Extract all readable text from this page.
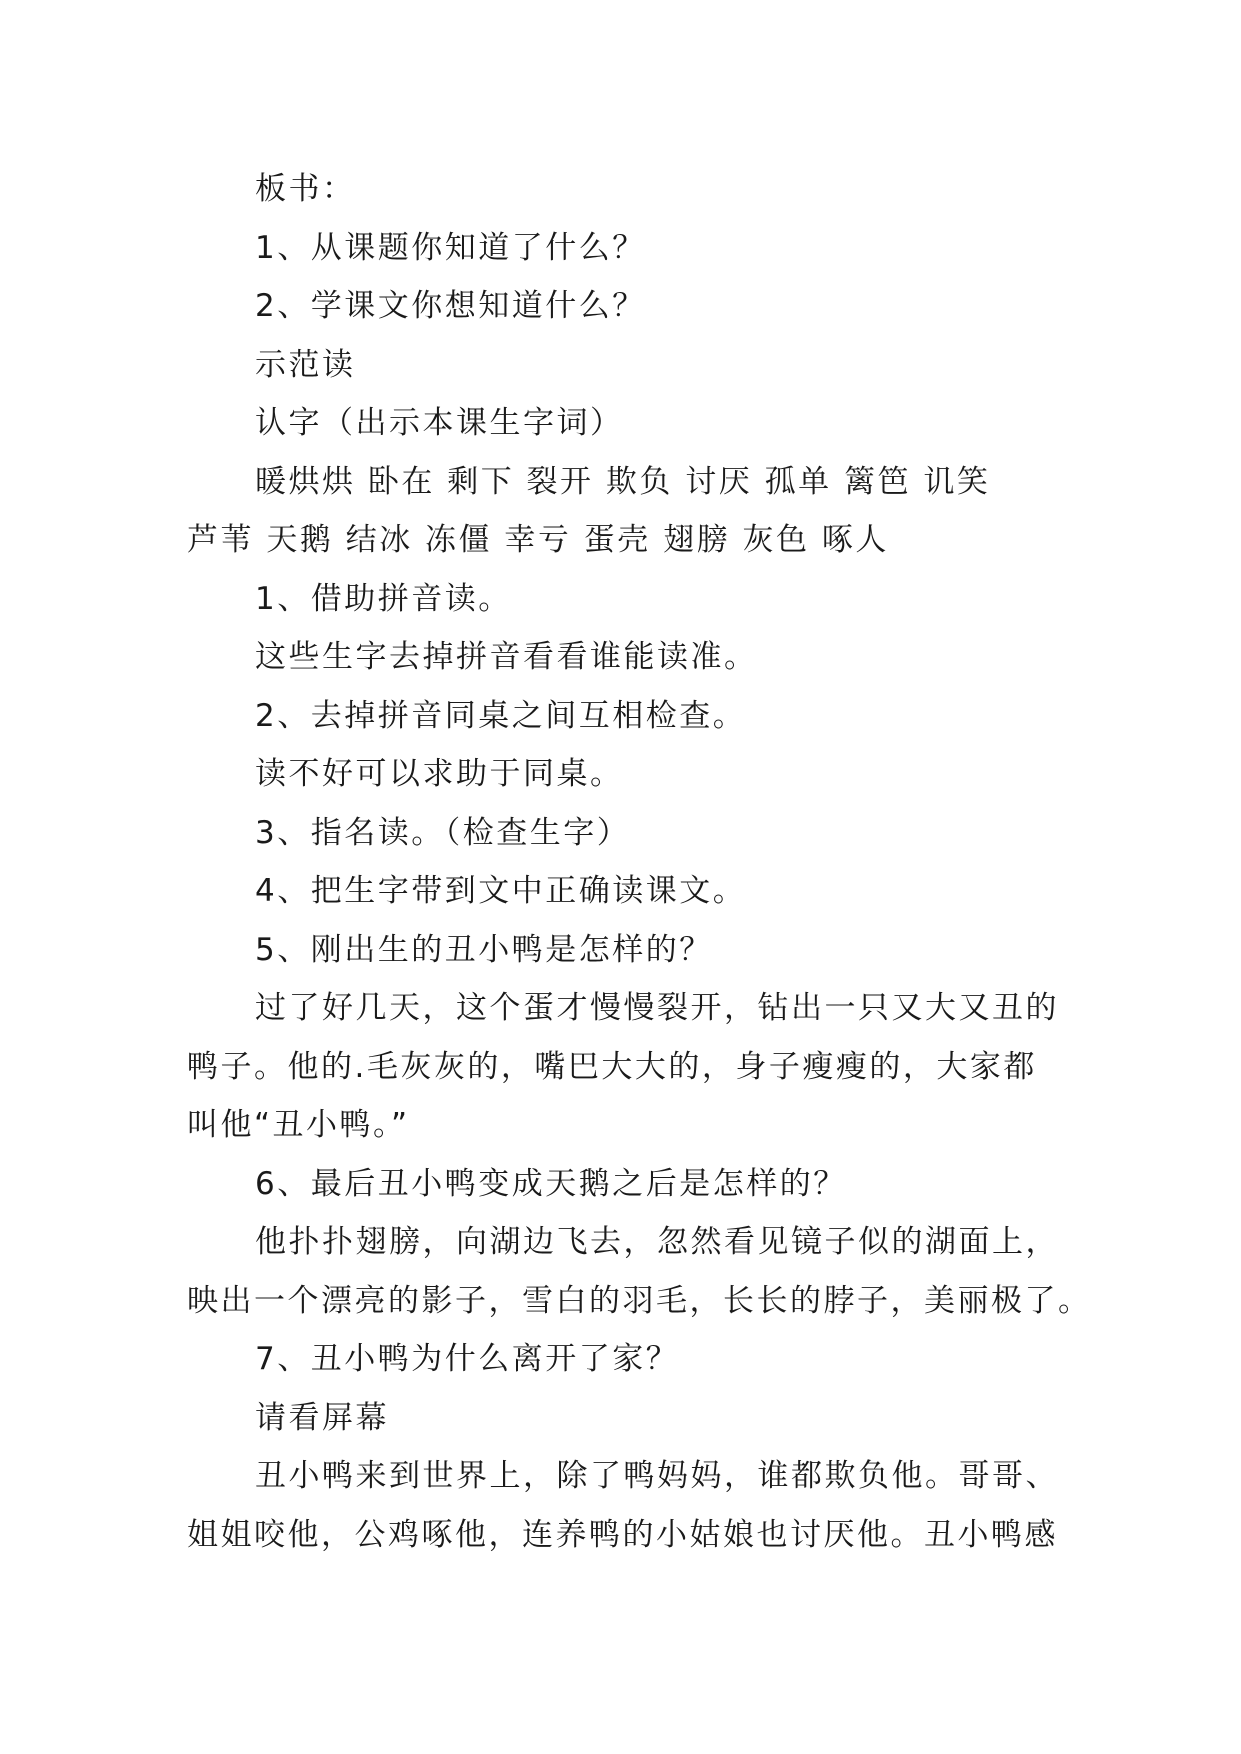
板书：
1、从课题你知道了什么？
2、学课文你想知道什么？
示范读
认字（出示本课生字词）
暖烘烘 卧在 剩下 裂开 欺负 讨厌 孤单 篱笆 讥笑
芦苇 天鹅 结冰 冻僵 幸亏 蛋壳 翅膀 灰色 啄人
1、借助拼音读。
这些生字去掉拼音看看谁能读准。
2、去掉拼音同桌之间互相检查。
读不好可以求助于同桌。
3、指名读。（检查生字）
4、把生字带到文中正确读课文。
5、刚出生的丑小鸭是怎样的？
过了好几天，这个蛋才慢慢裂开，钻出一只又大又丑的
鸭子。他的.毛灰灰的，嘴巴大大的，身子瘦瘦的，大家都
叫他“丑小鸭。”
6、最后丑小鸭变成天鹅之后是怎样的？
他扑扑翅膀，向湖边飞去，忽然看见镜子似的湖面上，
映出一个漂亮的影子，雪白的羽毛，长长的脖子，美丽极了。
7、丑小鸭为什么离开了家？
请看屏幕
丑小鸭来到世界上，除了鸭妈妈，谁都欺负他。哥哥、
姐姐咬他，公鸡啄他，连养鸭的小姑娘也讨厌他。丑小鸭感
